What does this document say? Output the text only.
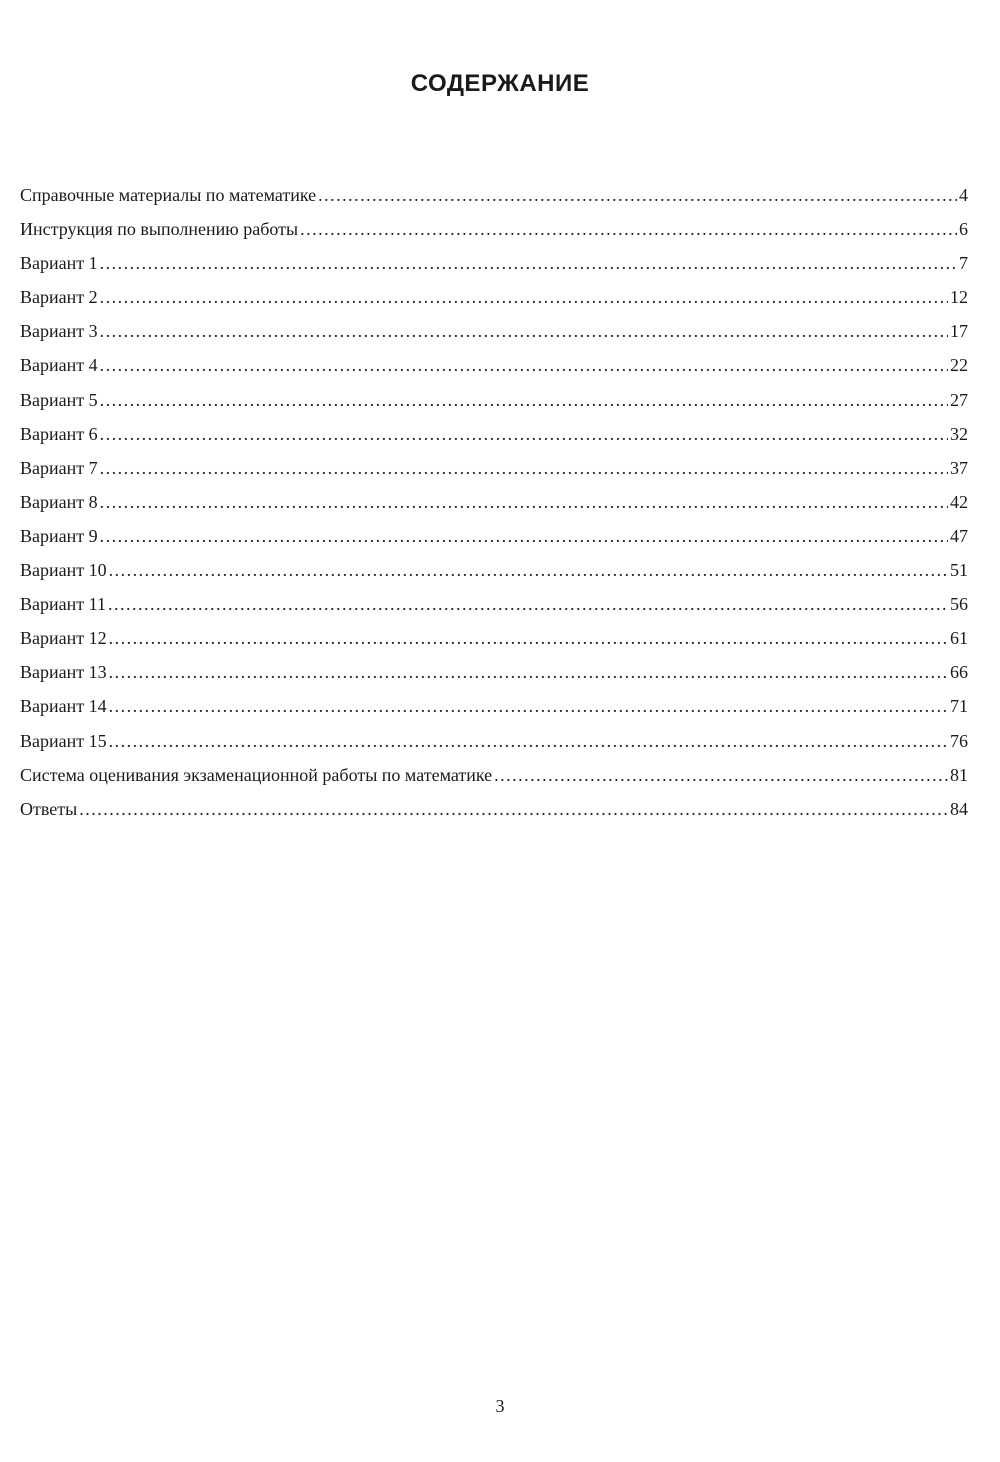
СОДЕРЖАНИЕ
Справочные материалы по математике .....	4
Инструкция по выполнению работы .....	6
Вариант 1 .....	7
Вариант 2 .....	12
Вариант 3 .....	17
Вариант 4 .....	22
Вариант 5 .....	27
Вариант 6 .....	32
Вариант 7 .....	37
Вариант 8 .....	42
Вариант 9 .....	47
Вариант 10 .....	51
Вариант 11 .....	56
Вариант 12 .....	61
Вариант 13 .....	66
Вариант 14 .....	71
Вариант 15 .....	76
Система оценивания экзаменационной работы по математике .....	81
Ответы .....	84
3
